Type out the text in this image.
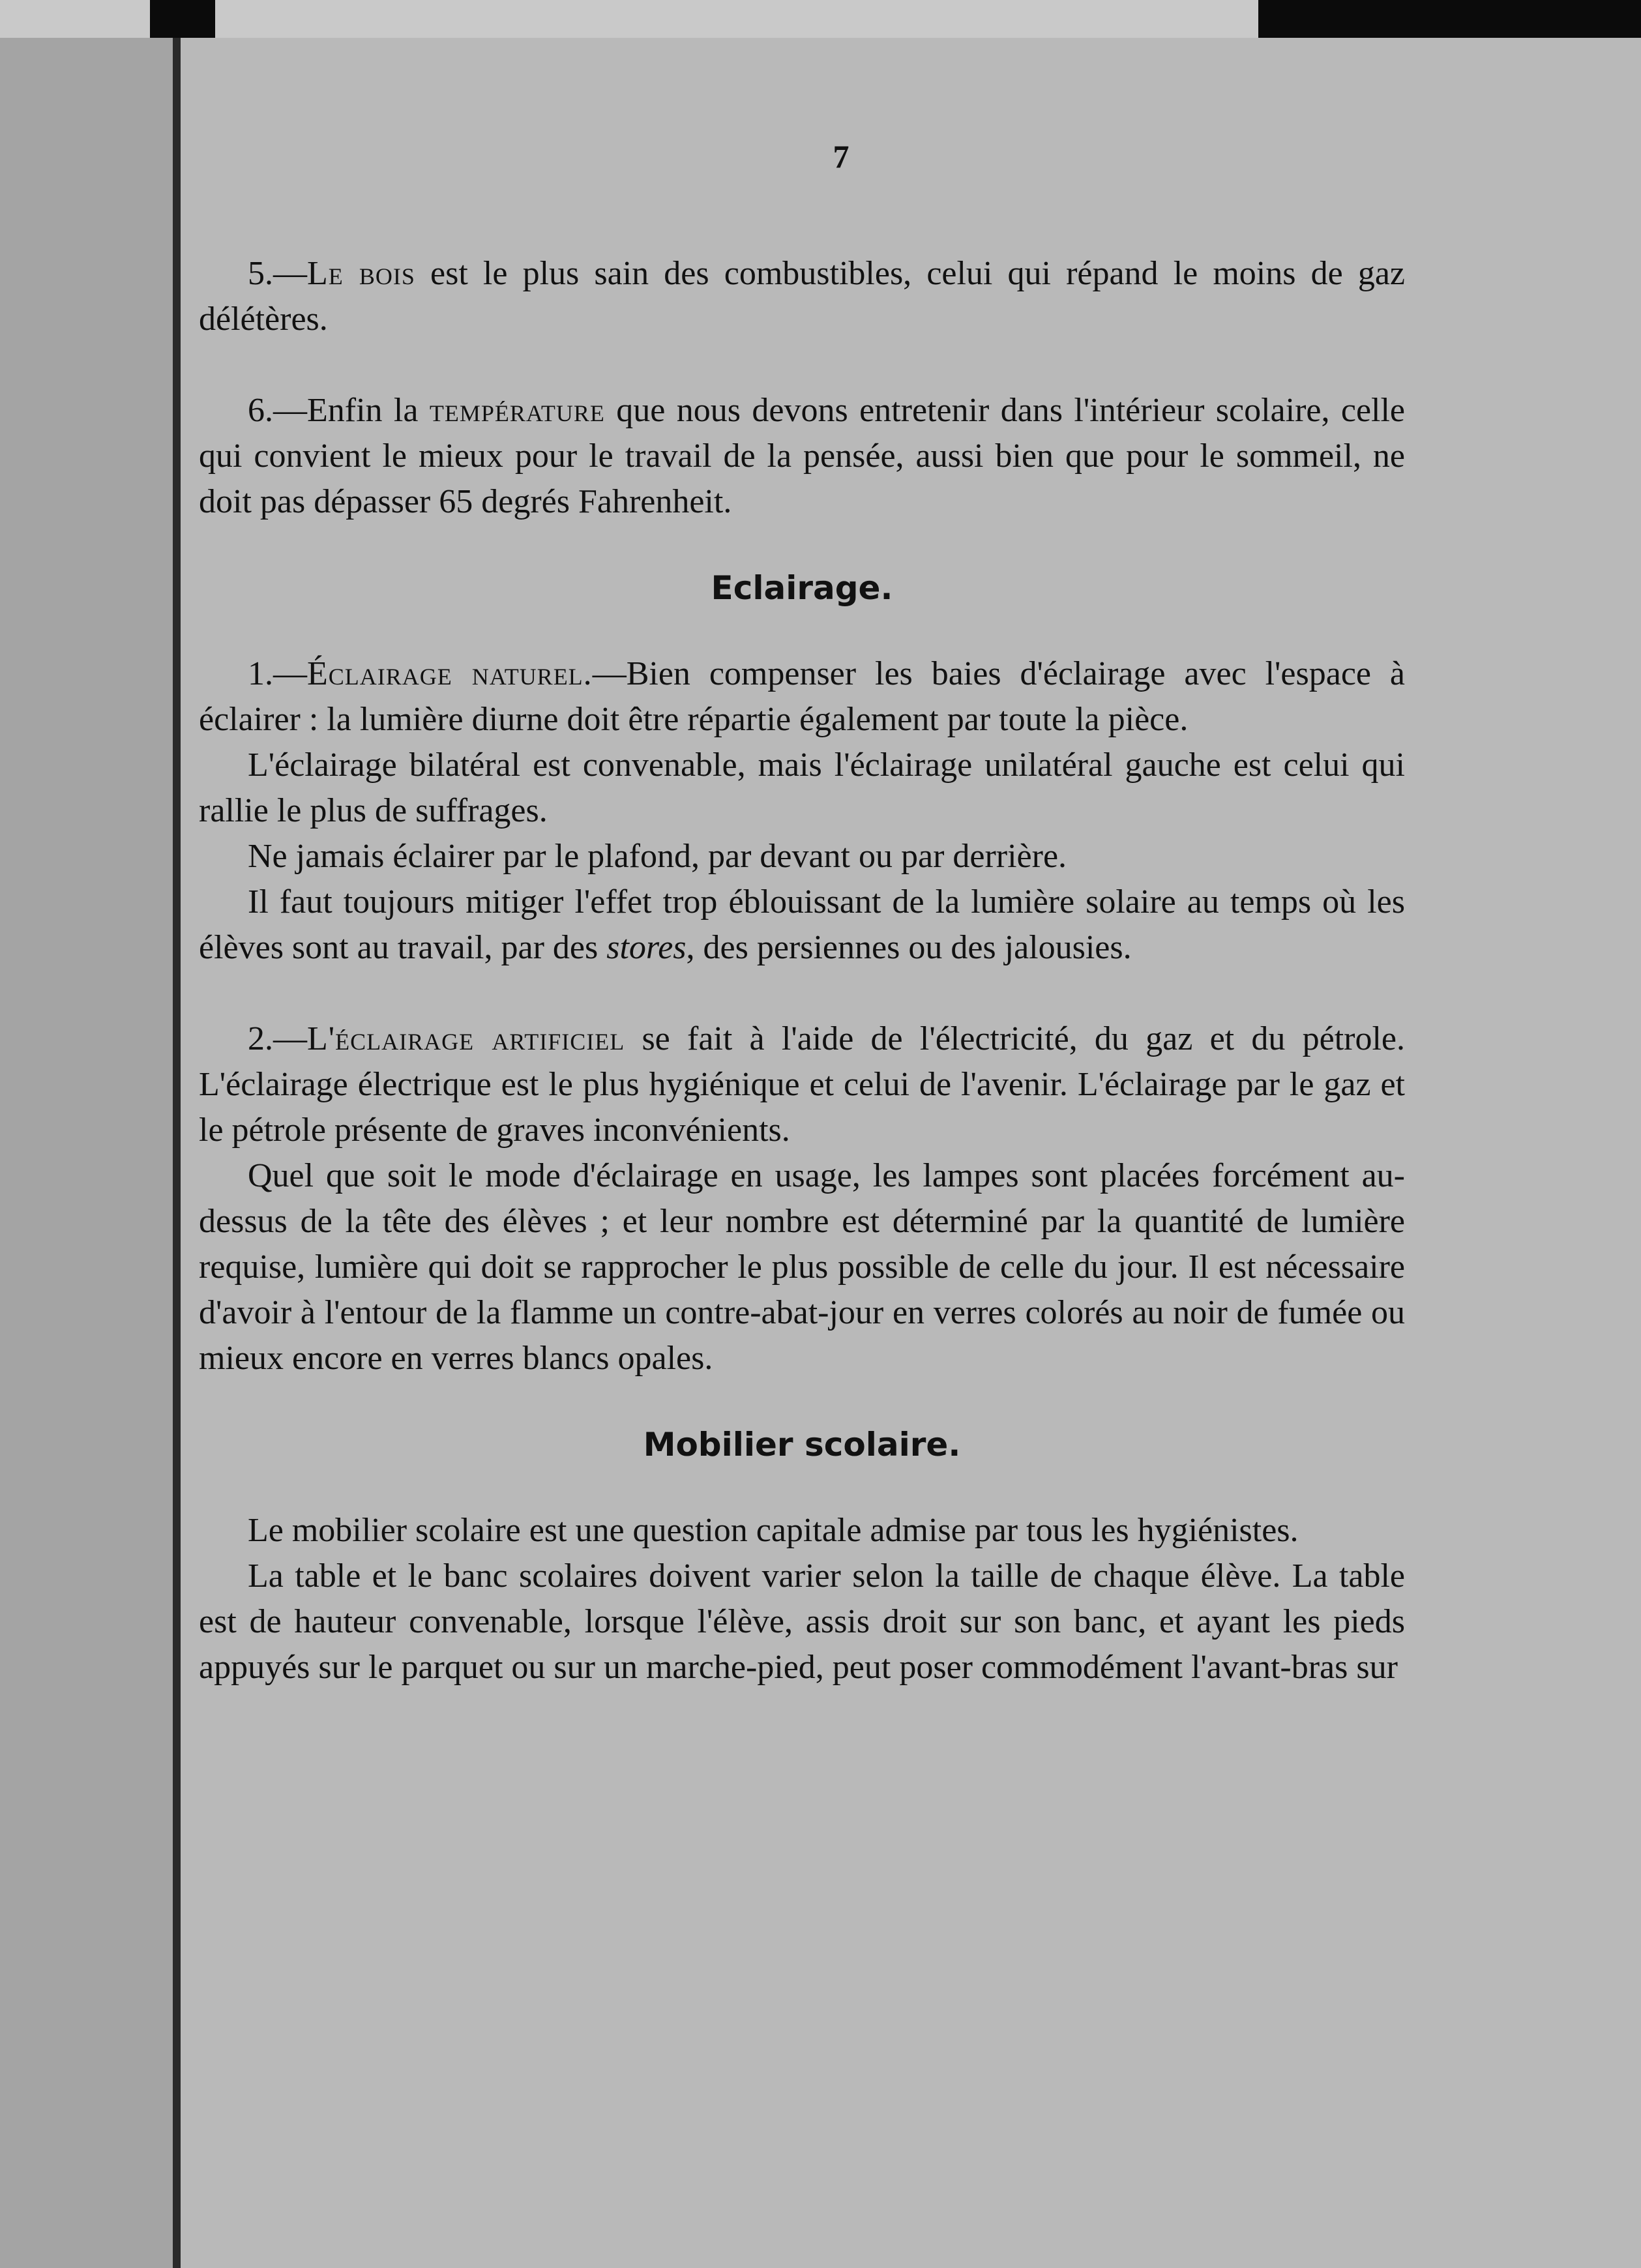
7

5.—Le bois est le plus sain des combustibles, celui qui répand le moins de gaz délétères.

6.—Enfin la température que nous devons entretenir dans l'intérieur scolaire, celle qui convient le mieux pour le travail de la pensée, aussi bien que pour le sommeil, ne doit pas dépasser 65 degrés Fahrenheit.

Eclairage.

1.—Éclairage naturel.—Bien compenser les baies d'éclairage avec l'espace à éclairer : la lumière diurne doit être répartie également par toute la pièce.

L'éclairage bilatéral est convenable, mais l'éclairage unilatéral gauche est celui qui rallie le plus de suffrages.

Ne jamais éclairer par le plafond, par devant ou par derrière.

Il faut toujours mitiger l'effet trop éblouissant de la lumière solaire au temps où les élèves sont au travail, par des stores, des persiennes ou des jalousies.

2.—L'éclairage artificiel se fait à l'aide de l'électricité, du gaz et du pétrole. L'éclairage électrique est le plus hygiénique et celui de l'avenir. L'éclairage par le gaz et le pétrole présente de graves inconvénients.

Quel que soit le mode d'éclairage en usage, les lampes sont placées forcément au-dessus de la tête des élèves ; et leur nombre est déterminé par la quantité de lumière requise, lumière qui doit se rapprocher le plus possible de celle du jour. Il est nécessaire d'avoir à l'entour de la flamme un contre-abat-jour en verres colorés au noir de fumée ou mieux encore en verres blancs opales.

Mobilier scolaire.

Le mobilier scolaire est une question capitale admise par tous les hygiénistes.

La table et le banc scolaires doivent varier selon la taille de chaque élève. La table est de hauteur convenable, lorsque l'élève, assis droit sur son banc, et ayant les pieds appuyés sur le parquet ou sur un marche-pied, peut poser commodément l'avant-bras sur
